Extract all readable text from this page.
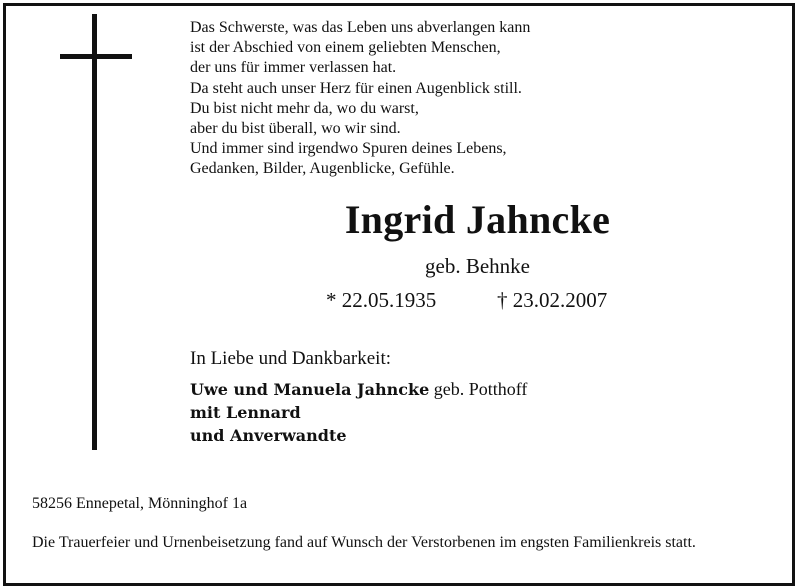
Das Schwerste, was das Leben uns abverlangen kann
ist der Abschied von einem geliebten Menschen,
der uns für immer verlassen hat.
Da steht auch unser Herz für einen Augenblick still.
Du bist nicht mehr da, wo du warst,
aber du bist überall, wo wir sind.
Und immer sind irgendwo Spuren deines Lebens,
Gedanken, Bilder, Augenblicke, Gefühle.
Ingrid Jahncke
geb. Behnke
* 22.05.1935	† 23.02.2007
In Liebe und Dankbarkeit:
Uwe und Manuela Jahncke geb. Potthoff
mit Lennard
und Anverwandte
58256 Ennepetal, Mönninghof 1a
Die Trauerfeier und Urnenbeisetzung fand auf Wunsch der Verstorbenen im engsten Familienkreis statt.
